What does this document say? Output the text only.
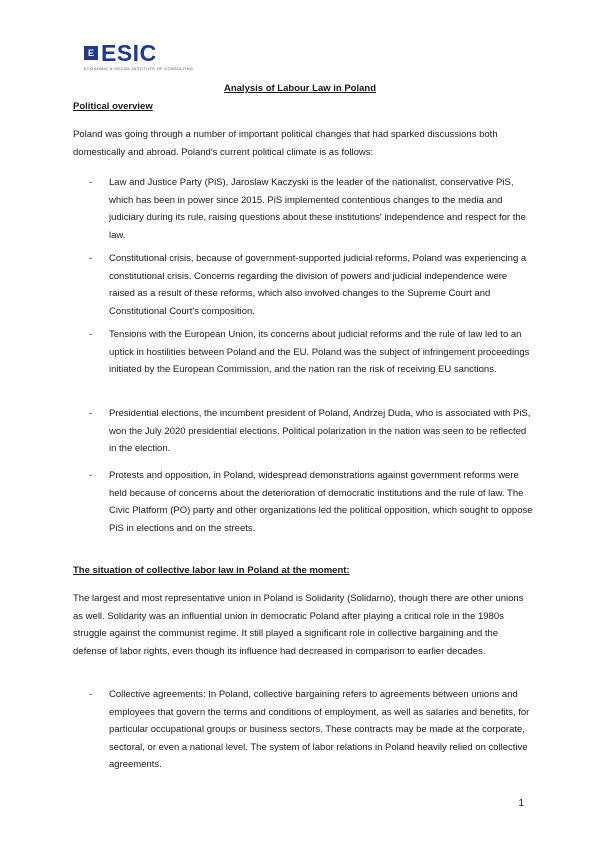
E ESIC
ECONOMIC & SOCIAL INSTITUTE OF CONSULTING
Analysis of Labour Law in Poland
Political overview

Poland was going through a number of important political changes that had sparked discussions both domestically and abroad. Poland's current political climate is as follows:

- Law and Justice Party (PiS), Jaroslaw Kaczyski is the leader of the nationalist, conservative PiS, which has been in power since 2015. PiS implemented contentious changes to the media and judiciary during its rule, raising questions about these institutions' independence and respect for the law.
- Constitutional crisis, because of government-supported judicial reforms, Poland was experiencing a constitutional crisis. Concerns regarding the division of powers and judicial independence were raised as a result of these reforms, which also involved changes to the Supreme Court and Constitutional Court's composition.
- Tensions with the European Union, its concerns about judicial reforms and the rule of law led to an uptick in hostilities between Poland and the EU. Poland was the subject of infringement proceedings initiated by the European Commission, and the nation ran the risk of receiving EU sanctions.
- Presidential elections, the incumbent president of Poland, Andrzej Duda, who is associated with PiS, won the July 2020 presidential elections. Political polarization in the nation was seen to be reflected in the election.
- Protests and opposition, in Poland, widespread demonstrations against government reforms were held because of concerns about the deterioration of democratic institutions and the rule of law. The Civic Platform (PO) party and other organizations led the political opposition, which sought to oppose PiS in elections and on the streets.
The situation of collective labor law in Poland at the moment:

The largest and most representative union in Poland is Solidarity (Solidarno), though there are other unions as well. Solidarity was an influential union in democratic Poland after playing a critical role in the 1980s struggle against the communist regime. It still played a significant role in collective bargaining and the defense of labor rights, even though its influence had decreased in comparison to earlier decades.

- Collective agreements: In Poland, collective bargaining refers to agreements between unions and employees that govern the terms and conditions of employment, as well as salaries and benefits, for particular occupational groups or business sectors. These contracts may be made at the corporate, sectoral, or even a national level. The system of labor relations in Poland heavily relied on collective agreements.
1
